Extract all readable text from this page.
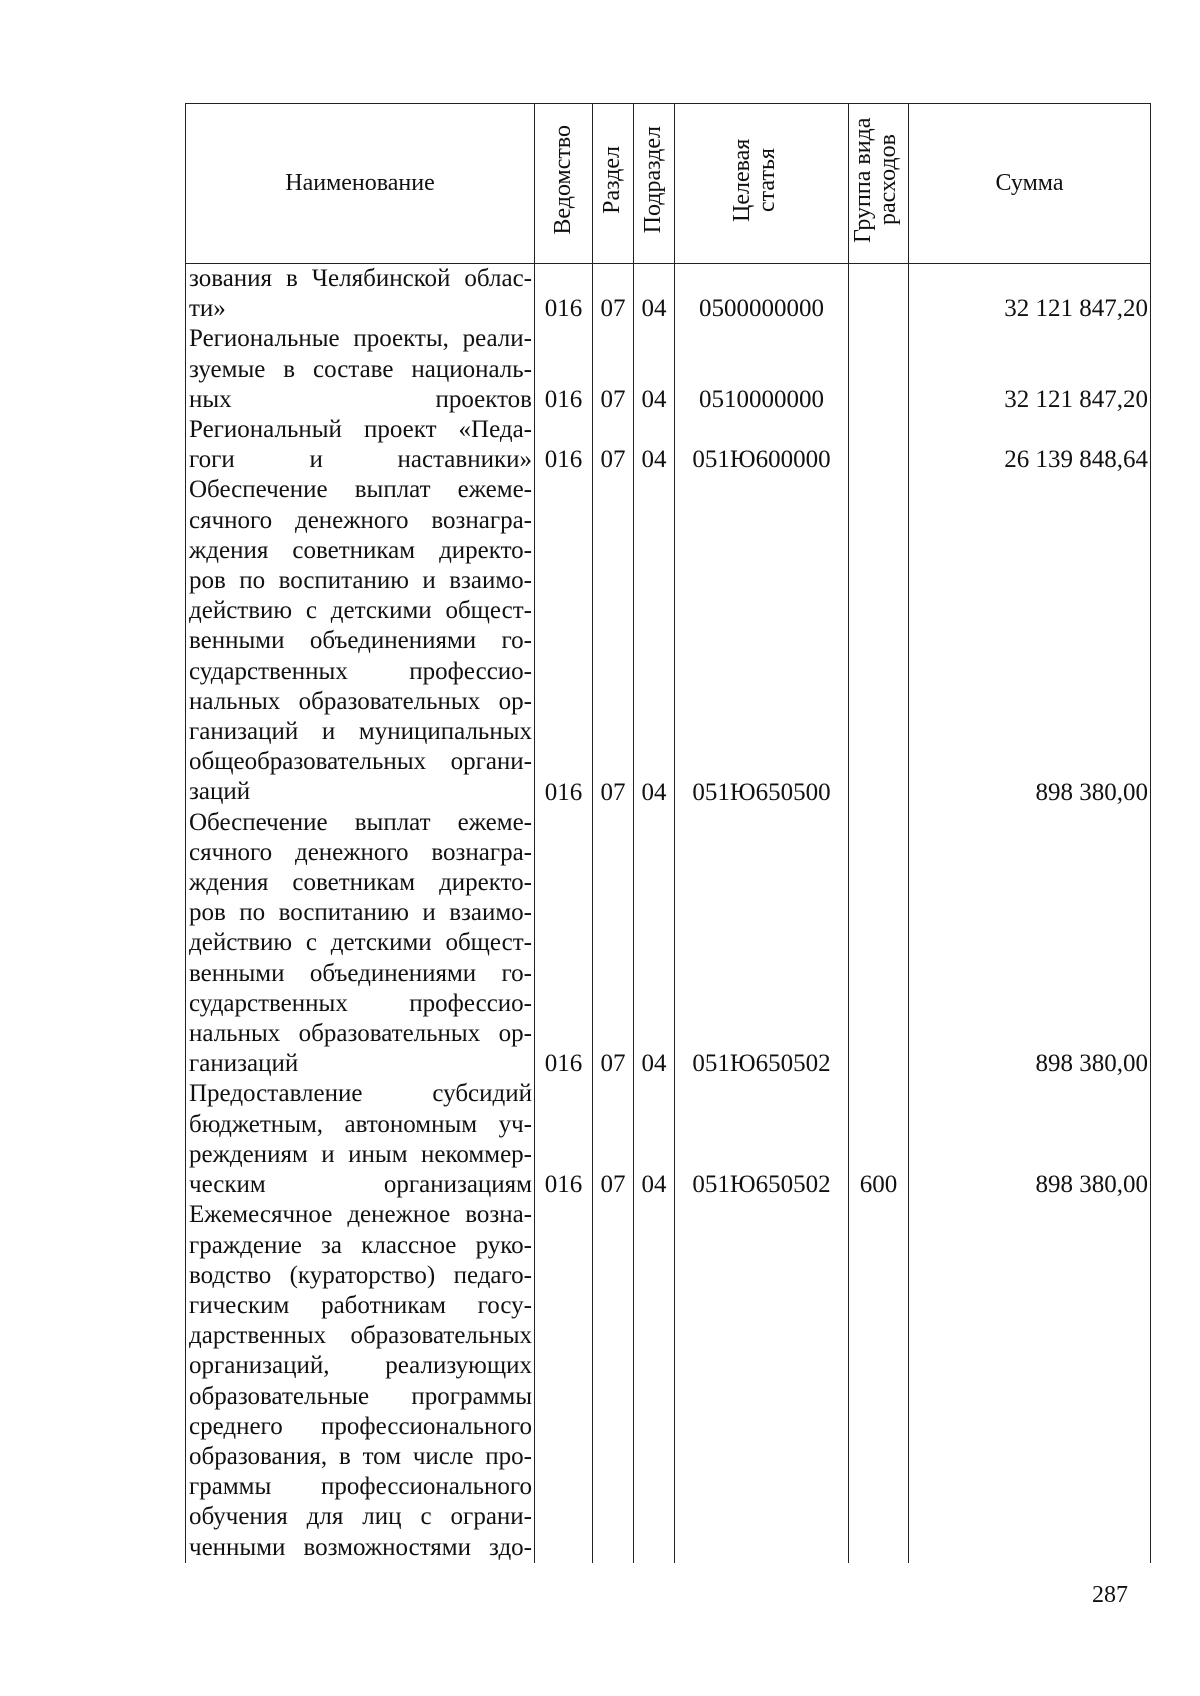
Наименование	Ведомство	Раздел	Подраздел	Целевая статья	Группа вида расходов	Сумма
зования в Челябинской облас-ти»	016	07	04	0500000000		32 121 847,20
Региональные проекты, реали-зуемые в составе националь-ных проектов	016	07	04	0510000000		32 121 847,20
Региональный проект «Педа-гоги и наставники»	016	07	04	051Ю600000		26 139 848,64
Обеспечение выплат ежеме-сячного денежного вознагра-ждения советникам директо-ров по воспитанию и взаимо-действию с детскими общест-венными объединениями го-сударственных профессио-нальных образовательных ор-ганизаций и муниципальных общеобразовательных органи-заций	016	07	04	051Ю650500		898 380,00
Обеспечение выплат ежеме-сячного денежного вознагра-ждения советникам директо-ров по воспитанию и взаимо-действию с детскими общест-венными объединениями го-сударственных профессио-нальных образовательных ор-ганизаций	016	07	04	051Ю650502		898 380,00
Предоставление субсидий бюджетным, автономным уч-реждениям и иным некоммер-ческим организациям	016	07	04	051Ю650502	600	898 380,00
Ежемесячное денежное возна-граждение за классное руко-водство (кураторство) педаго-гическим работникам госу-дарственных образовательных организаций, реализующих образовательные программы среднего профессионального образования, в том числе про-граммы профессионального обучения для лиц с ограни-ченными возможностями здо-						
287
